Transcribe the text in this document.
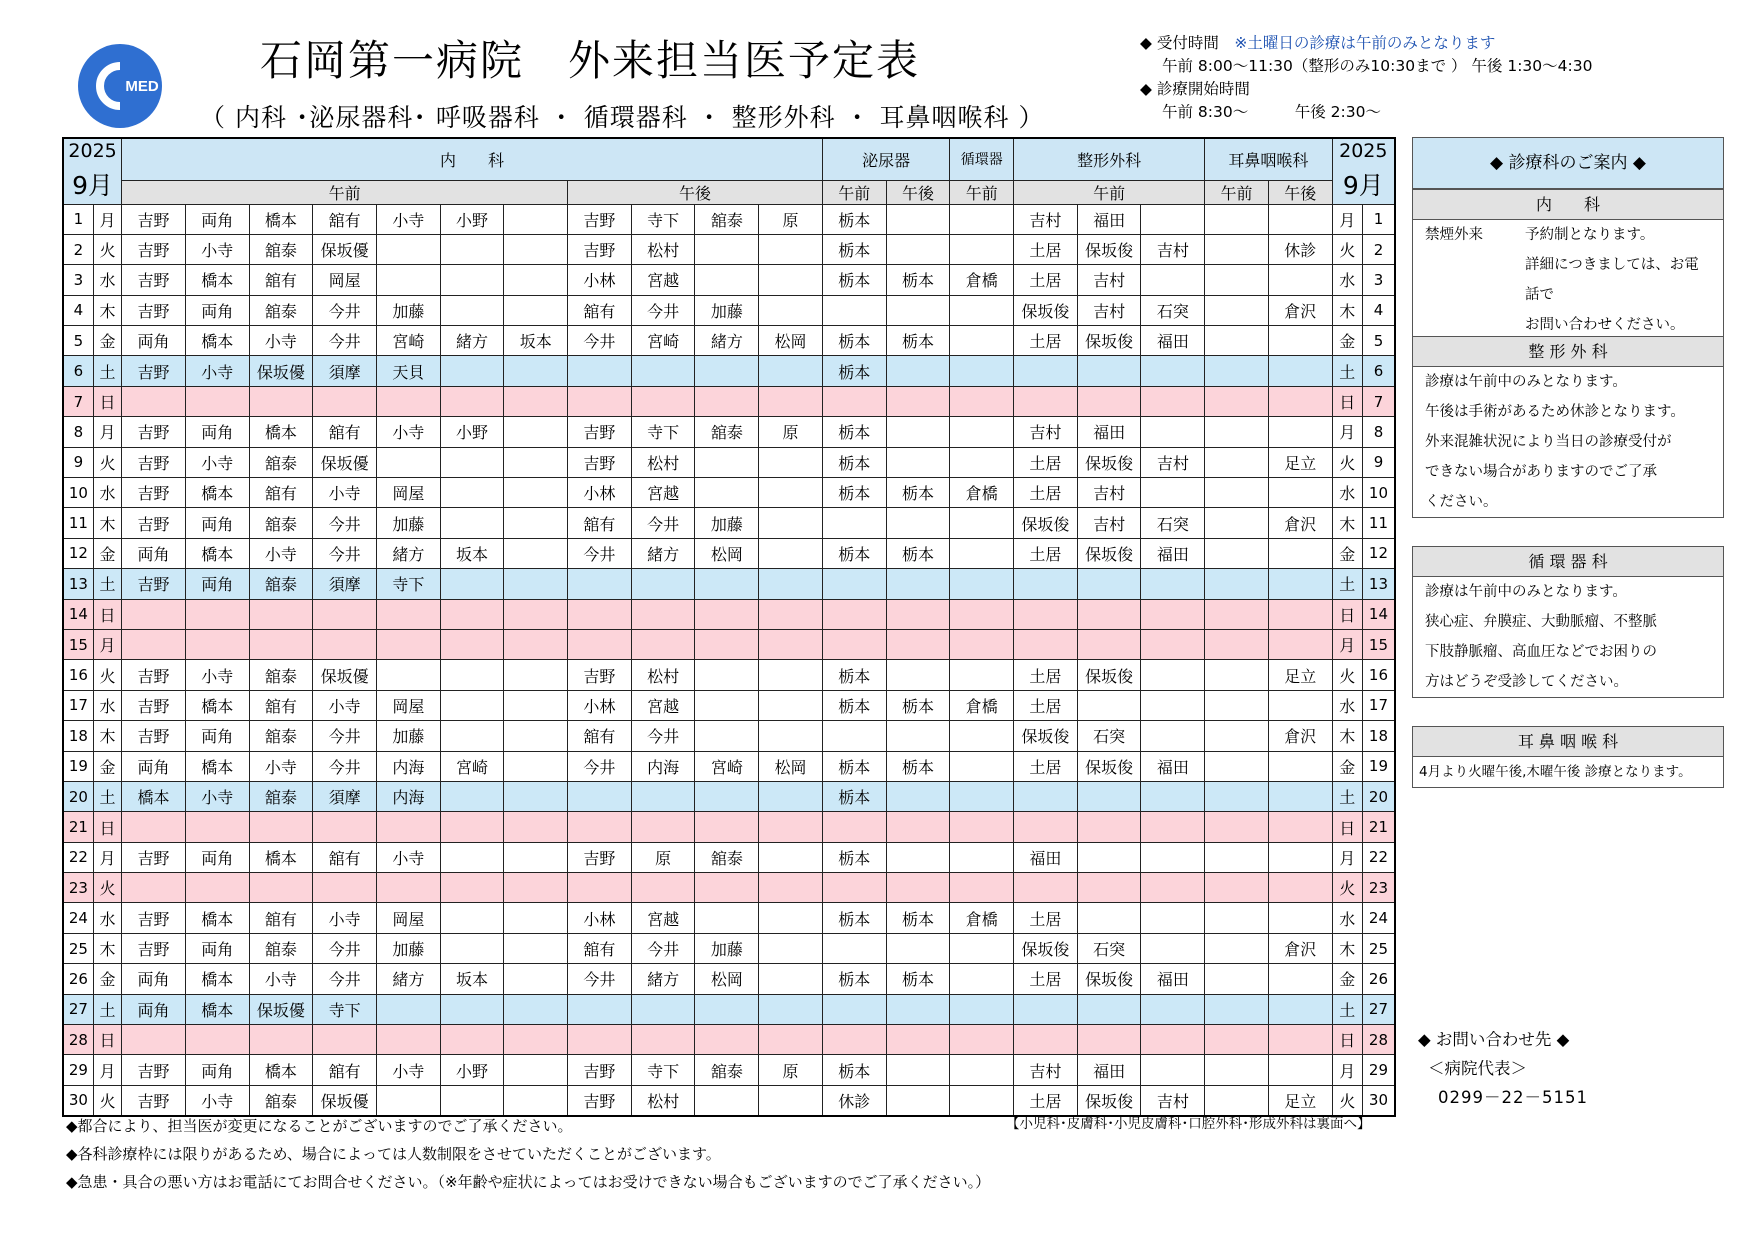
MED
石岡第一病院　外来担当医予定表
（ 内科 ･泌尿器科･ 呼吸器科 ・ 循環器科 ・ 整形外科 ・ 耳鼻咽喉科 ）
◆ 受付時間　 ※土曜日の診療は午前のみとなります
午前 8:00～11:30（整形のみ10:30まで ） 午後 1:30～4:30
◆ 診療開始時間
午前 8:30～　　　午後 2:30～
2025
9月		内　　科											泌尿器		循環器	整形外科			耳鼻咽喉科		2025
9月	

		午前							午後				午前	午後	午前	午前			午前	午後		
1	月	吉野	両角	橋本	舘有	小寺	小野		吉野	寺下	舘泰	原	栃本			吉村	福田				月	1
2	火	吉野	小寺	舘泰	保坂優				吉野	松村			栃本			土居	保坂俊	吉村		休診	火	2
3	水	吉野	橋本	舘有	岡屋				小林	宮越			栃本	栃本	倉橋	土居	吉村				水	3
4	木	吉野	両角	舘泰	今井	加藤			舘有	今井	加藤					保坂俊	吉村	石突		倉沢	木	4
5	金	両角	橋本	小寺	今井	宮崎	緒方	坂本	今井	宮崎	緒方	松岡	栃本	栃本		土居	保坂俊	福田			金	5
6	土	吉野	小寺	保坂優	須摩	天貝							栃本								土	6
7	日																				日	7
8	月	吉野	両角	橋本	舘有	小寺	小野		吉野	寺下	舘泰	原	栃本			吉村	福田				月	8
9	火	吉野	小寺	舘泰	保坂優				吉野	松村			栃本			土居	保坂俊	吉村		足立	火	9
10	水	吉野	橋本	舘有	小寺	岡屋			小林	宮越			栃本	栃本	倉橋	土居	吉村				水	10
11	木	吉野	両角	舘泰	今井	加藤			舘有	今井	加藤					保坂俊	吉村	石突		倉沢	木	11
12	金	両角	橋本	小寺	今井	緒方	坂本		今井	緒方	松岡		栃本	栃本		土居	保坂俊	福田			金	12
13	土	吉野	両角	舘泰	須摩	寺下															土	13
14	日																				日	14
15	月																				月	15
16	火	吉野	小寺	舘泰	保坂優				吉野	松村			栃本			土居	保坂俊			足立	火	16
17	水	吉野	橋本	舘有	小寺	岡屋			小林	宮越			栃本	栃本	倉橋	土居					水	17
18	木	吉野	両角	舘泰	今井	加藤			舘有	今井						保坂俊	石突			倉沢	木	18
19	金	両角	橋本	小寺	今井	内海	宮崎		今井	内海	宮崎	松岡	栃本	栃本		土居	保坂俊	福田			金	19
20	土	橋本	小寺	舘泰	須摩	内海							栃本								土	20
21	日																				日	21
22	月	吉野	両角	橋本	舘有	小寺			吉野	原	舘泰		栃本			福田					月	22
23	火																				火	23
24	水	吉野	橋本	舘有	小寺	岡屋			小林	宮越			栃本	栃本	倉橋	土居					水	24
25	木	吉野	両角	舘泰	今井	加藤			舘有	今井	加藤					保坂俊	石突			倉沢	木	25
26	金	両角	橋本	小寺	今井	緒方	坂本		今井	緒方	松岡		栃本	栃本		土居	保坂俊	福田			金	26
27	土	両角	橋本	保坂優	寺下																土	27
28	日																				日	28
29	月	吉野	両角	橋本	舘有	小寺	小野		吉野	寺下	舘泰	原	栃本			吉村	福田				月	29
30	火	吉野	小寺	舘泰	保坂優				吉野	松村			休診			土居	保坂俊	吉村		足立	火	30
◆ 診療科のご案内 ◆
内　　科
禁煙外来	予約制となります。
詳細につきましては、お電話で
お問い合わせください。
整 形 外 科
診療は午前中のみとなります。
午後は手術があるため休診となります。
外来混雑状況により当日の診療受付が
できない場合がありますのでご了承
ください。
循 環 器 科
診療は午前中のみとなります。
狭心症、弁膜症、大動脈瘤、不整脈
下肢静脈瘤、高血圧などでお困りの
方はどうぞ受診してください。
耳 鼻 咽 喉 科
4月より火曜午後,木曜午後 診療となります。
◆ お問い合わせ先 ◆
＜病院代表＞
0299－22－5151
◆都合により、担当医が変更になることがございますのでご了承ください。
◆各科診療枠には限りがあるため、場合によっては人数制限をさせていただくことがございます。
◆急患・具合の悪い方はお電話にてお問合せください。（※年齢や症状によってはお受けできない場合もございますのでご了承ください。）
【小児科･皮膚科･小児皮膚科･口腔外科･形成外科は裏面へ】
